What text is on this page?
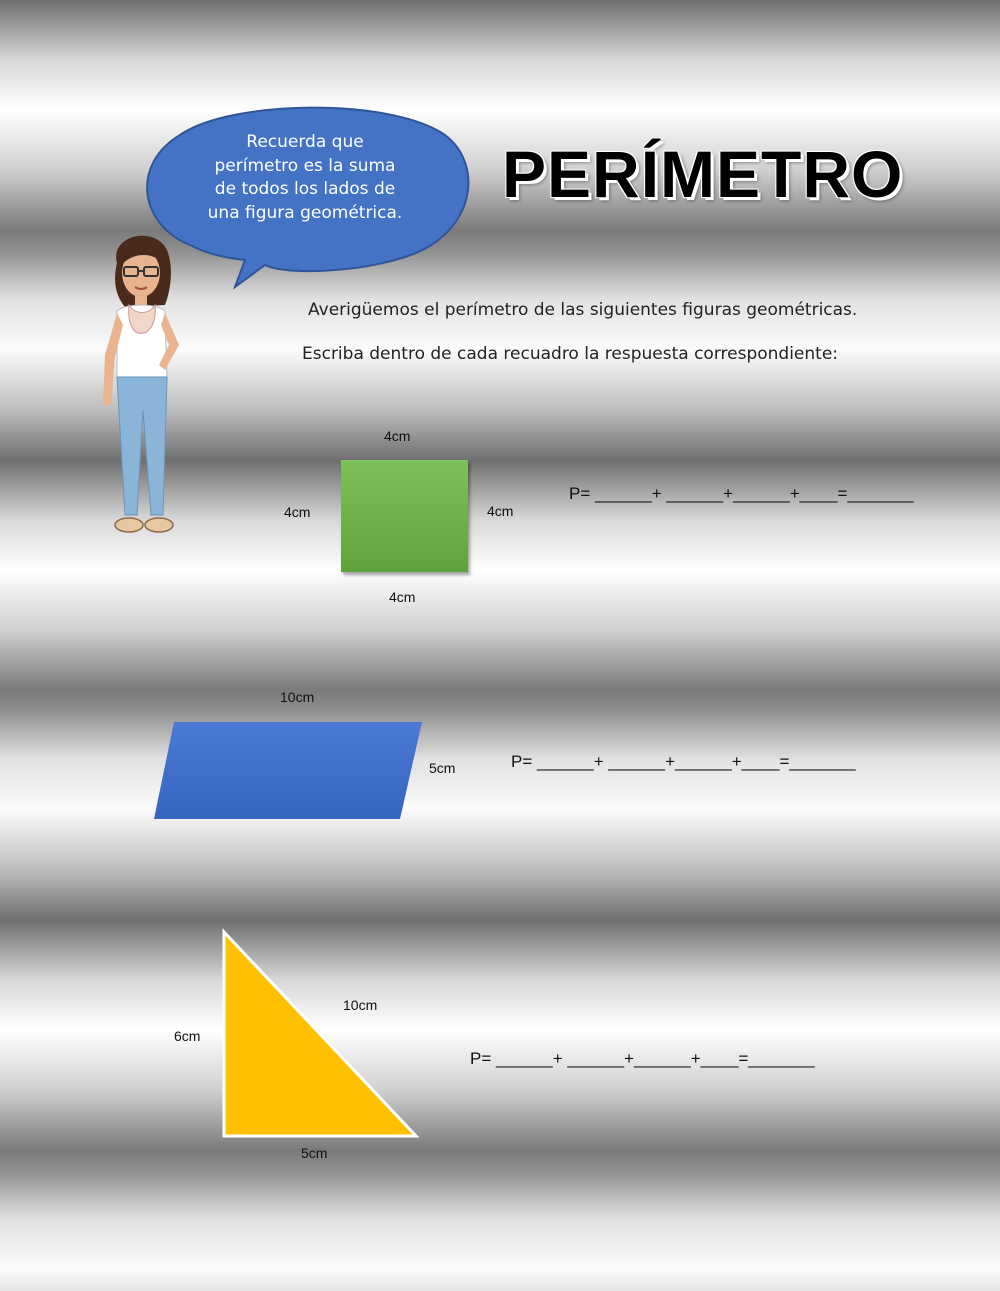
Recuerda que
perímetro es la suma
de todos los lados de
una figura geométrica.
PERÍMETRO
Averigüemos el perímetro de las siguientes figuras geométricas.
Escriba dentro de cada recuadro la respuesta correspondiente:
4cm
4cm	4cm
4cm
P= ______+ ______+______+____=_______
10cm
5cm	P= ______+ ______+______+____=_______
6cm
10cm
5cm
P= ______+ ______+______+____=_______
